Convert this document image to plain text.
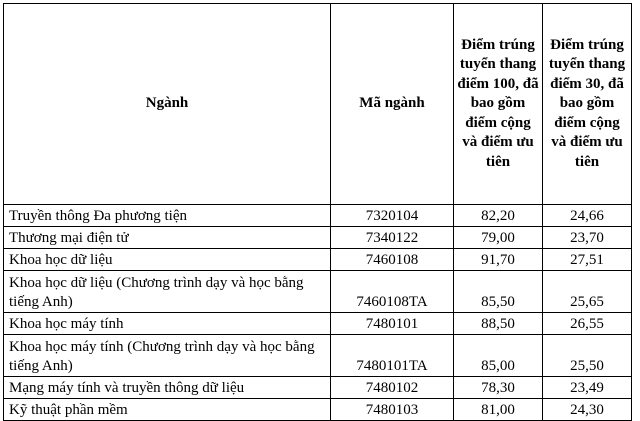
Ngành	Mã ngành	Điểm trúng tuyển thang điểm 100, đã bao gồm điểm cộng và điểm ưu tiên	Điểm trúng tuyển thang điểm 30, đã bao gồm điểm cộng và điểm ưu tiên
Truyền thông Đa phương tiện	7320104	82,20	24,66
Thương mại điện tử	7340122	79,00	23,70
Khoa học dữ liệu	7460108	91,70	27,51
Khoa học dữ liệu (Chương trình dạy và học bằng tiếng Anh)	7460108TA	85,50	25,65
Khoa học máy tính	7480101	88,50	26,55
Khoa học máy tính (Chương trình dạy và học bằng tiếng Anh)	7480101TA	85,00	25,50
Mạng máy tính và truyền thông dữ liệu	7480102	78,30	23,49
Kỹ thuật phần mềm	7480103	81,00	24,30
